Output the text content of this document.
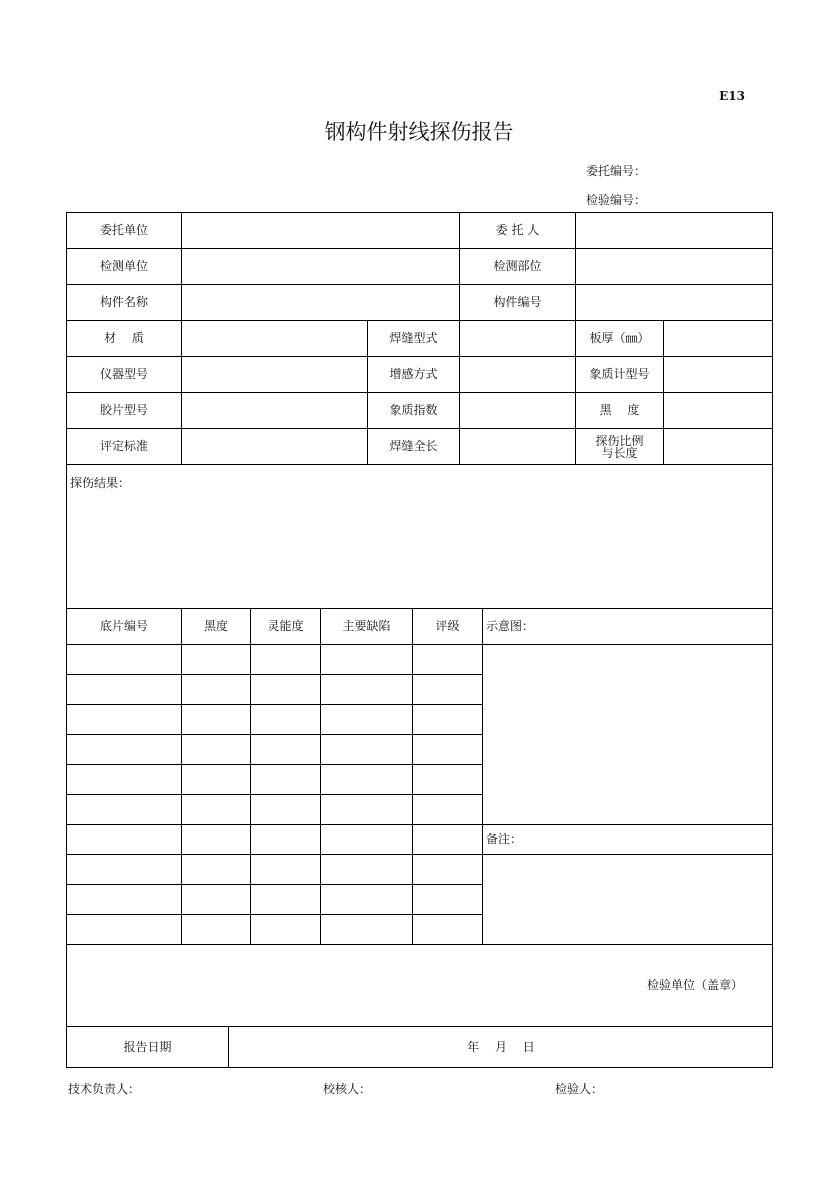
E13
钢构件射线探伤报告
委托编号：
检验编号：
委托单位	委 托 人
检测单位	检测部位
构件名称	构件编号
材　 质	焊缝型式	板厚（㎜）
仪器型号	增感方式	象质计型号
胶片型号	象质指数	黑　 度
评定标准	焊缝全长	探伤比例
与长度
探伤结果：
底片编号	黑度	灵能度	主要缺陷	评级	示意图：
备注：
检验单位（盖章）
报告日期	年　 月　 日
技术负责人：	校核人：	检验人：
